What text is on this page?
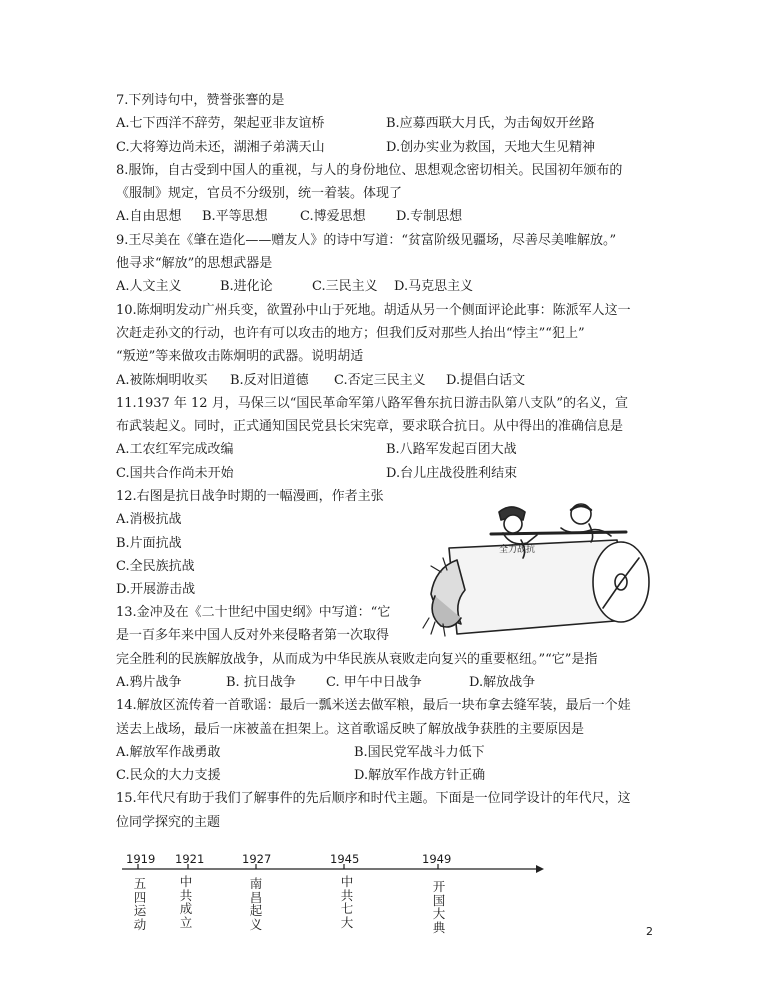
7.下列诗句中，赞誉张謇的是
A.七下西洋不辞劳，架起亚非友谊桥	B.应募西联大月氏，为击匈奴开丝路
C.大将筹边尚未还，湖湘子弟满天山	D.创办实业为救国，天地大生见精神
8.服饰，自古受到中国人的重视，与人的身份地位、思想观念密切相关。民国初年颁布的
《服制》规定，官员不分级别，统一着装。体现了
A.自由思想 B.平等思想 C.博爱思想 D.专制思想
9.王尽美在《肇在造化——赠友人》的诗中写道：“贫富阶级见疆场，尽善尽美唯解放。”
他寻求“解放”的思想武器是
A.人文主义	B.进化论	C.三民主义 D.马克思主义
10.陈炯明发动广州兵变，欲置孙中山于死地。胡适从另一个侧面评论此事：陈派军人这一
次赶走孙文的行动，也许有可以攻击的地方；但我们反对那些人抬出“悖主”“犯上”
“叛逆”等来做攻击陈炯明的武器。说明胡适
A.被陈炯明收买 B.反对旧道德 C.否定三民主义 D.提倡白话文
11.1937 年 12 月，马保三以“国民革命军第八路军鲁东抗日游击队第八支队”的名义，宣
布武装起义。同时，正式通知国民党县长宋宪章，要求联合抗日。从中得出的准确信息是
A.工农红军完成改编	B.八路军发起百团大战
C.国共合作尚未开始	D.台儿庄战役胜利结束
12.右图是抗日战争时期的一幅漫画，作者主张
A.消极抗战
B.片面抗战
C.全民族抗战
D.开展游击战
13.金冲及在《二十世纪中国史纲》中写道：“它
是一百多年来中国人反对外来侵略者第一次取得
完全胜利的民族解放战争，从而成为中华民族从衰败走向复兴的重要枢纽。”“它”是指
A.鸦片战争	B. 抗日战争 C. 甲午中日战争	D.解放战争
14.解放区流传着一首歌谣：最后一瓢米送去做军粮，最后一块布拿去缝军装，最后一个娃
送去上战场，最后一床被盖在担架上。这首歌谣反映了解放战争获胜的主要原因是
A.解放军作战勇敢	B.国民党军战斗力低下
C.民众的大力支援	D.解放军作战方针正确
15.年代尺有助于我们了解事件的先后顺序和时代主题。下面是一位同学设计的年代尺，这
位同学探究的主题
全力战抗
1919 1921	1927	1945	1949
五四运动
中共成立
南昌起义
中共七大
开国大典	2
